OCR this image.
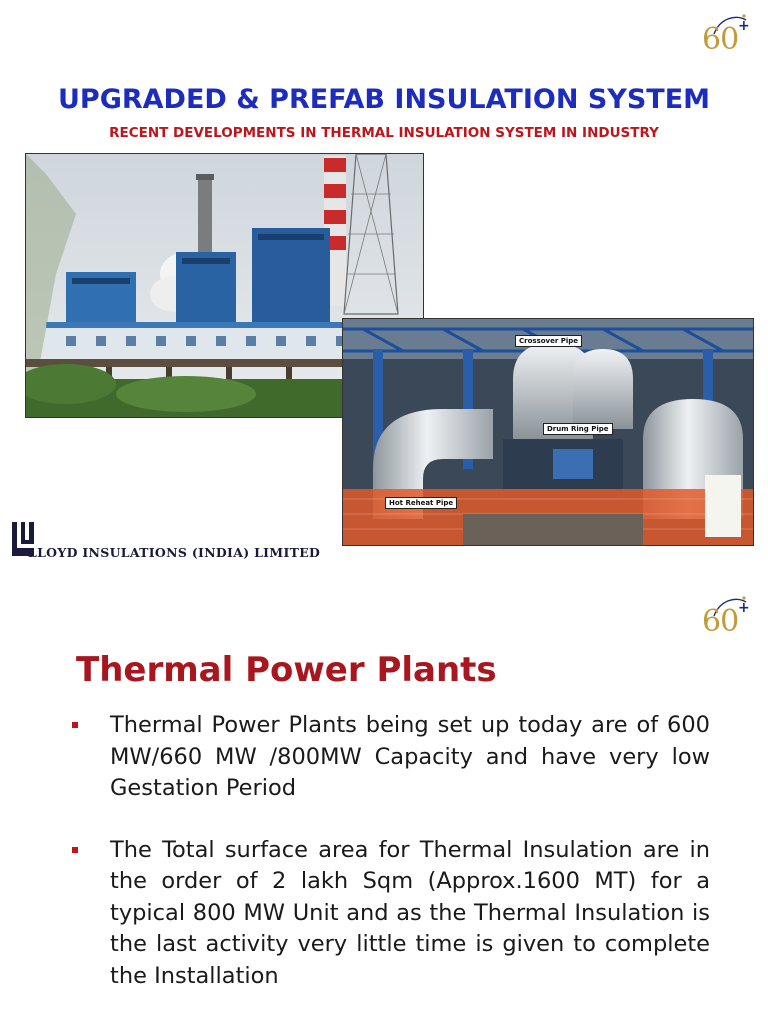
60 +
UPGRADED & PREFAB INSULATION SYSTEM
RECENT DEVELOPMENTS IN THERMAL INSULATION SYSTEM IN INDUSTRY
Crossover Pipe
Drum Ring Pipe
Hot Reheat Pipe
LLOYD INSULATIONS (INDIA) LIMITED
60 +
Thermal Power Plants
Thermal Power Plants being set up today are of 600 MW/660 MW /800MW Capacity and have very low Gestation Period
The Total surface area for Thermal Insulation are in the order of 2 lakh Sqm (Approx.1600 MT) for a typical 800 MW Unit and as the Thermal Insulation is the last activity very little time is given to complete the Installation
